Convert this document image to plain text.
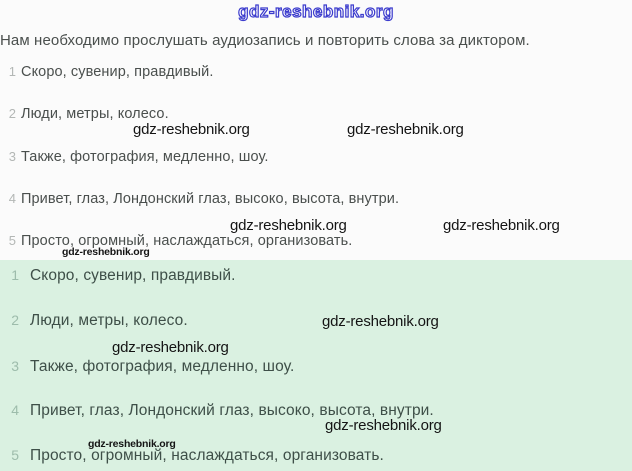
gdz-reshebnik.org
Нам необходимо прослушать аудиозапись и повторить слова за диктором.
1 Скоро, сувенир, правдивый.
2 Люди, метры, колесо.
3 Также, фотография, медленно, шоу.
4 Привет, глаз, Лондонский глаз, высоко, высота, внутри.
5 Просто, огромный, наслаждаться, организовать.
1 Скоро, сувенир, правдивый.
2 Люди, метры, колесо.
3 Также, фотография, медленно, шоу.
4 Привет, глаз, Лондонский глаз, высоко, высота, внутри.
5 Просто, огромный, наслаждаться, организовать.
gdz-reshebnik.org	gdz-reshebnik.org
gdz-reshebnik.org	gdz-reshebnik.org
gdz-reshebnik.org
gdz-reshebnik.org
gdz-reshebnik.org
gdz-reshebnik.org
gdz-reshebnik.org
